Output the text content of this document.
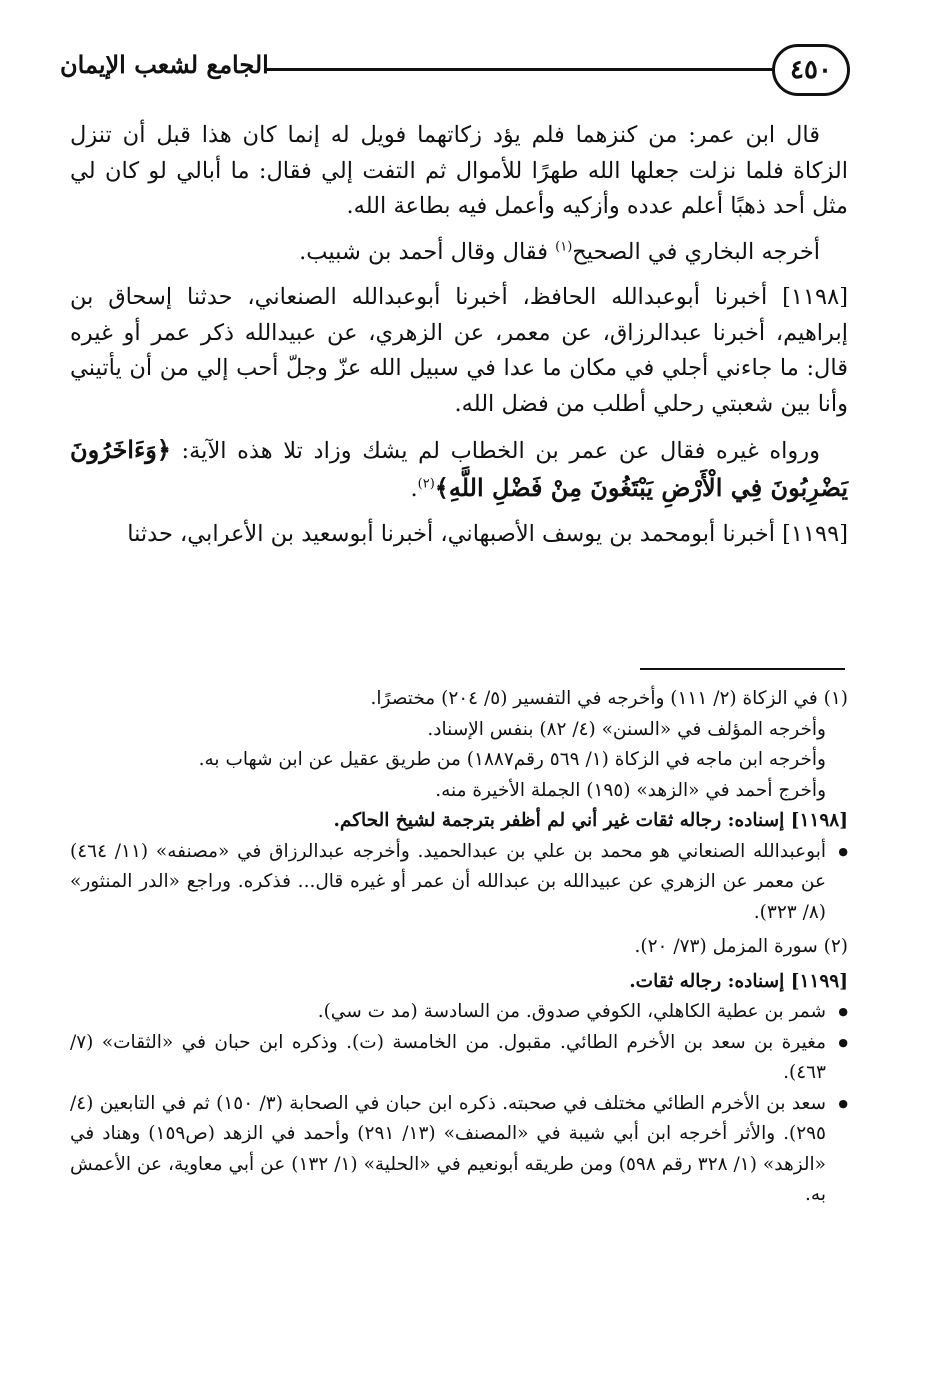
٤٥٠
الجامع لشعب الإيمان

قال ابن عمر: من كنزهما فلم يؤد زكاتهما فويل له إنما كان هذا قبل أن تنزل الزكاة فلما نزلت جعلها الله طهرًا للأموال ثم التفت إلي فقال: ما أبالي لو كان لي مثل أحد ذهبًا أعلم عدده وأزكيه وأعمل فيه بطاعة الله.

أخرجه البخاري في الصحيح$^{(١)}$ فقال وقال أحمد بن شبيب.

[١١٩٨] أخبرنا أبوعبدالله الحافظ، أخبرنا أبوعبدالله الصنعاني، حدثنا إسحاق بن إبراهيم، أخبرنا عبدالرزاق، عن معمر، عن الزهري، عن عبيدالله ذكر عمر أو غيره قال: ما جاءني أجلي في مكان ما عدا في سبيل الله عزّ وجلّ أحب إلي من أن يأتيني وأنا بين شعبتي رحلي أطلب من فضل الله.

ورواه غيره فقال عن عمر بن الخطاب لم يشك وزاد تلا هذه الآية: ﴿وَءَاخَرُونَ يَضْرِبُونَ فِي الْأَرْضِ يَبْتَغُونَ مِنْ فَضْلِ اللَّهِ﴾$^{(٢)}$.

[١١٩٩] أخبرنا أبومحمد بن يوسف الأصبهاني، أخبرنا أبوسعيد بن الأعرابي، حدثنا

(١) في الزكاة (٢/ ١١١) وأخرجه في التفسير (٥/ ٢٠٤) مختصرًا.

وأخرجه المؤلف في «السنن» (٤/ ٨٢) بنفس الإسناد.

وأخرجه ابن ماجه في الزكاة (١/ ٥٦٩ رقم١٨٨٧) من طريق عقيل عن ابن شهاب به.

وأخرج أحمد في «الزهد» (١٩٥) الجملة الأخيرة منه.

[١١٩٨] إسناده: رجاله ثقات غير أني لم أظفر بترجمة لشيخ الحاكم.

● أبوعبدالله الصنعاني هو محمد بن علي بن عبدالحميد. وأخرجه عبدالرزاق في «مصنفه» (١١/ ٤٦٤) عن معمر عن الزهري عن عبيدالله بن عبدالله أن عمر أو غيره قال... فذكره. وراجع «الدر المنثور» (٨/ ٣٢٣).

(٢) سورة المزمل (٧٣/ ٢٠).

[١١٩٩] إسناده: رجاله ثقات.

● شمر بن عطية الكاهلي، الكوفي صدوق. من السادسة (مد ت سي).

● مغيرة بن سعد بن الأخرم الطائي. مقبول. من الخامسة (ت). وذكره ابن حبان في «الثقات» (٧/ ٤٦٣).

● سعد بن الأخرم الطائي مختلف في صحبته. ذكره ابن حبان في الصحابة (٣/ ١٥٠) ثم في التابعين (٤/ ٢٩٥). والأثر أخرجه ابن أبي شيبة في «المصنف» (١٣/ ٢٩١) وأحمد في الزهد (ص١٥٩) وهناد في «الزهد» (١/ ٣٢٨ رقم ٥٩٨) ومن طريقه أبونعيم في «الحلية» (١/ ١٣٢) عن أبي معاوية، عن الأعمش به.
